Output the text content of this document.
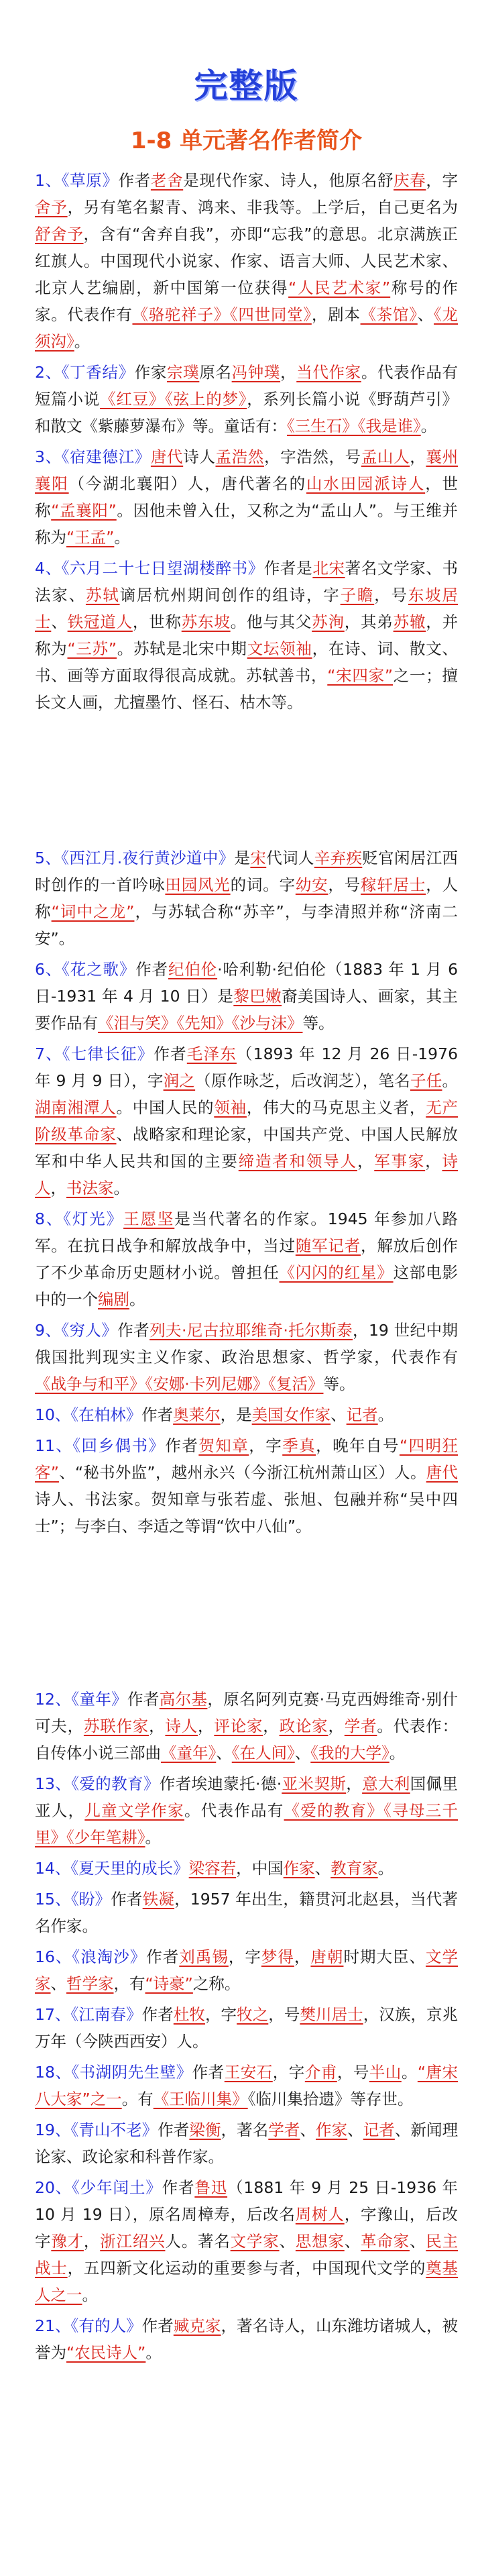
完整版
1-8 单元著名作者简介
1、《草原》作者老舍是现代作家、诗人，他原名舒庆春，字舍予，另有笔名絜青、鸿来、非我等。上学后，自己更名为舒舍予，含有“舍弃自我”，亦即“忘我”的意思。北京满族正红旗人。中国现代小说家、作家、语言大师、人民艺术家、北京人艺编剧，新中国第一位获得“人民艺术家”称号的作家。代表作有《骆驼祥子》《四世同堂》，剧本《茶馆》、《龙须沟》。
2、《丁香结》作家宗璞原名冯钟璞，当代作家。代表作品有短篇小说《红豆》《弦上的梦》，系列长篇小说《野葫芦引》和散文《紫藤萝瀑布》等。童话有：《三生石》《我是谁》。
3、《宿建德江》唐代诗人孟浩然，字浩然，号孟山人，襄州襄阳（今湖北襄阳）人，唐代著名的山水田园派诗人，世称“孟襄阳”。因他未曾入仕，又称之为“孟山人”。与王维并称为“王孟”。
4、《六月二十七日望湖楼醉书》作者是北宋著名文学家、书法家、苏轼谪居杭州期间创作的组诗，字子瞻，号东坡居士、铁冠道人，世称苏东坡。他与其父苏洵，其弟苏辙，并称为“三苏”。苏轼是北宋中期文坛领袖，在诗、词、散文、书、画等方面取得很高成就。苏轼善书，“宋四家”之一；擅长文人画，尤擅墨竹、怪石、枯木等。
5、《西江月.夜行黄沙道中》是宋代词人辛弃疾贬官闲居江西时创作的一首吟咏田园风光的词。字幼安，号稼轩居士，人称“词中之龙”，与苏轼合称“苏辛”，与李清照并称“济南二安”。
6、《花之歌》作者纪伯伦·哈利勒·纪伯伦（1883 年 1 月 6 日-1931 年 4 月 10 日）是黎巴嫩裔美国诗人、画家，其主要作品有《泪与笑》《先知》《沙与沫》等。
7、《七律长征》作者毛泽东（1893 年 12 月 26 日-1976 年 9 月 9 日），字润之（原作咏芝，后改润芝），笔名子任。湖南湘潭人。中国人民的领袖，伟大的马克思主义者，无产阶级革命家、战略家和理论家，中国共产党、中国人民解放军和中华人民共和国的主要缔造者和领导人，军事家，诗人，书法家。
8、《灯光》王愿坚是当代著名的作家。1945 年参加八路军。在抗日战争和解放战争中，当过随军记者，解放后创作了不少革命历史题材小说。曾担任《闪闪的红星》这部电影中的一个编剧。
9、《穷人》作者列夫·尼古拉耶维奇·托尔斯泰，19 世纪中期俄国批判现实主义作家、政治思想家、哲学家，代表作有《战争与和平》《安娜·卡列尼娜》《复活》等。
10、《在柏林》作者奥莱尔，是美国女作家、记者。
11、《回乡偶书》作者贺知章，字季真，晚年自号“四明狂客”、“秘书外监”，越州永兴（今浙江杭州萧山区）人。唐代诗人、书法家。贺知章与张若虚、张旭、包融并称“吴中四士”；与李白、李适之等谓“饮中八仙”。
12、《童年》作者高尔基，原名阿列克赛·马克西姆维奇·别什可夫，苏联作家，诗人，评论家，政论家，学者。代表作：自传体小说三部曲《童年》、《在人间》、《我的大学》。
13、《爱的教育》作者埃迪蒙托·德·亚米契斯，意大利国佩里亚人，儿童文学作家。代表作品有《爱的教育》《寻母三千里》《少年笔耕》。
14、《夏天里的成长》梁容若，中国作家、教育家。
15、《盼》作者铁凝，1957 年出生，籍贯河北赵县，当代著名作家。
16、《浪淘沙》作者刘禹锡，字梦得，唐朝时期大臣、文学家、哲学家，有“诗豪”之称。
17、《江南春》作者杜牧，字牧之，号樊川居士，汉族，京兆万年（今陕西西安）人。
18、《书湖阴先生壁》作者王安石，字介甫，号半山。“唐宋八大家”之一。有《王临川集》《临川集拾遗》等存世。
19、《青山不老》作者梁衡，著名学者、作家、记者、新闻理论家、政论家和科普作家。
20、《少年闰土》作者鲁迅（1881 年 9 月 25 日-1936 年 10 月 19 日），原名周樟寿，后改名周树人，字豫山，后改字豫才，浙江绍兴人。著名文学家、思想家、革命家、民主战士，五四新文化运动的重要参与者，中国现代文学的奠基人之一。
21、《有的人》作者臧克家，著名诗人，山东潍坊诸城人，被誉为“农民诗人”。
